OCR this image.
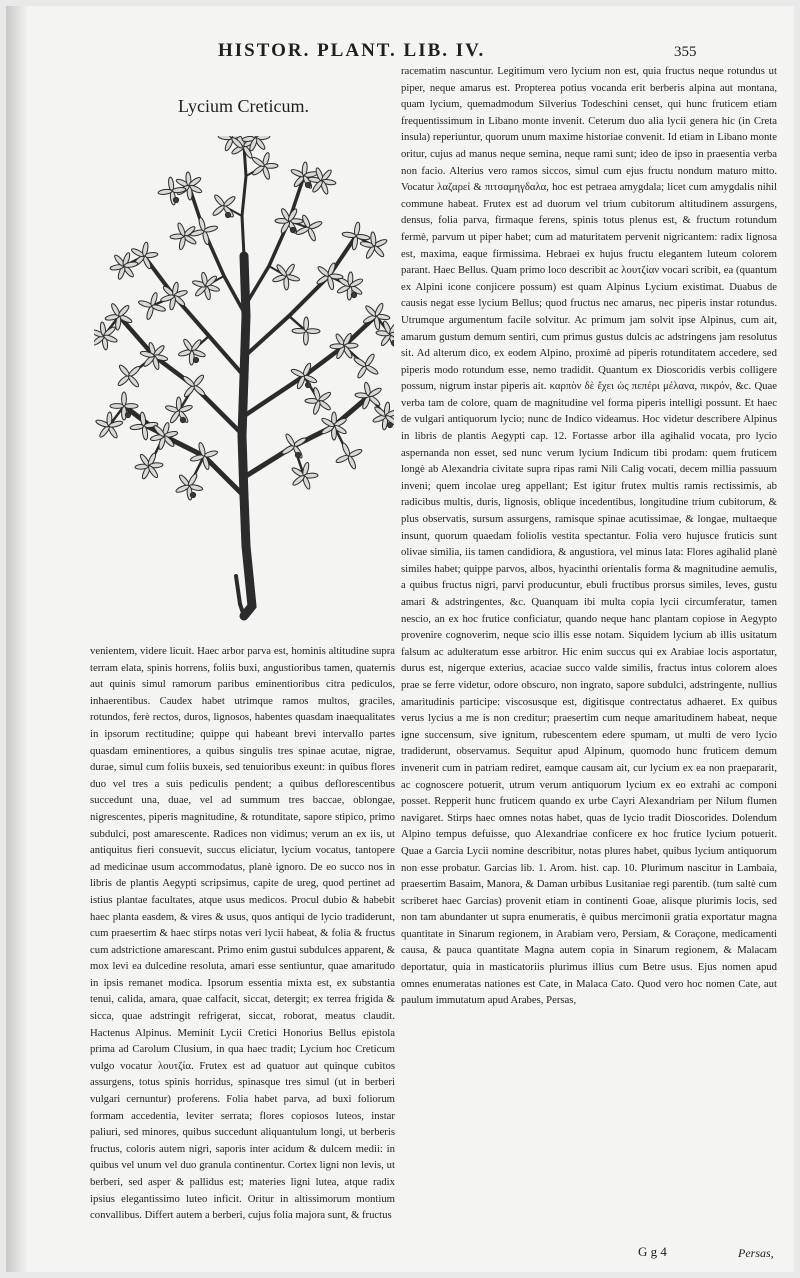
HISTOR. PLANT. LIB. IV.	355
Lycium Creticum.

racematim nascuntur. Legitimum vero lycium non est, quia fructus neque rotundus ut piper, neque amarus est. Propterea potius vocanda erit berberis alpina aut montana, quam lycium, quemadmodum Silverius Todeschini censet, qui hunc fruticem etiam frequentissimum in Libano monte invenit. Ceterum duo alia lycii genera hic (in Creta insula) reperiuntur, quorum unum maxime historiae convenit. Id etiam in Libano monte oritur, cujus ad manus neque semina, neque rami sunt; ideo de ipso in praesentia verba non facio. Alterius vero ramos siccos, simul cum ejus fructu nondum maturo mitto. Vocatur λαζαρεί & πιτσαμηγδαλα, hoc est petraea amygdala; licet cum amygdalis nihil commune habeat. Frutex est ad duorum vel trium cubitorum altitudinem assurgens, densus, folia parva, firmaque ferens, spinis totus plenus est, & fructum rotundum fermè, parvum ut piper habet; cum ad maturitatem pervenit nigricantem: radix lignosa est, maxima, eaque firmissima. Hebraei ex hujus fructu elegantem luteum colorem parant. Haec Bellus. Quam primo loco describit ac λουτζίαν vocari scribit, ea (quantum ex Alpini icone conjicere possum) est quam Alpinus Lycium existimat. Duabus de causis negat esse lycium Bellus; quod fructus nec amarus, nec piperis instar rotundus. Utrumque argumentum facile solvitur. Ac primum jam solvit ipse Alpinus, cum ait, amarum gustum demum sentiri, cum primus gustus dulcis ac adstringens jam resolutus sit. Ad alterum dico, ex eodem Alpino, proximè ad piperis rotunditatem accedere, sed piperis modo rotundum esse, nemo tradidit. Quantum ex Dioscoridis verbis colligere possum, nigrum instar piperis ait. καρπὸν δὲ ἔχει ὡς πεπέρι μέλανα, πικρόν, &c. Quae verba tam de colore, quam de magnitudine vel forma piperis intelligi possunt. Et haec de vulgari antiquorum lycio; nunc de Indico videamus. Hoc videtur describere Alpinus in libris de plantis Aegypti cap. 12. Fortasse arbor illa agihalid vocata, pro lycio aspernanda non esset, sed nunc verum lycium Indicum tibi prodam: quem fruticem longè ab Alexandria civitate supra ripas rami Nili Calig vocati, decem millia passuum inveni; quem incolae ureg appellant; Est igitur frutex multis ramis rectissimis, ab radicibus multis, duris, lignosis, oblique incedentibus, longitudine trium cubitorum, & plus observatis, sursum assurgens, ramisque spinae acutissimae, & longae, multaeque insunt, quorum quaedam foliolis vestita spectantur. Folia vero hujusce fruticis sunt olivae similia, iis tamen candidiora, & angustiora, vel minus lata: Flores agihalid planè similes habet; quippe parvos, albos, hyacinthi orientalis forma & magnitudine aemulis, a quibus fructus nigri, parvi producuntur, ebuli fructibus prorsus similes, leves, gustu amari & adstringentes, &c. Quanquam ibi multa copia lycii circumferatur, tamen nescio, an ex hoc frutice conficiatur, quando neque hanc plantam copiose in Aegypto provenire cognoverim, neque scio illis esse notam. Siquidem lycium ab illis usitatum falsum ac adulteratum esse arbitror. Hic enim succus qui ex Arabiae locis asportatur, durus est, nigerque exterius, acaciae succo valde similis, fractus intus colorem aloes prae se ferre videtur, odore obscuro, non ingrato, sapore subdulci, adstringente, nullius amaritudinis participe: viscosusque est, digitisque contrectatus adhaeret. Ex quibus verus lycius a me is non creditur; praesertim cum neque amaritudinem habeat, neque igne succensum, sive ignitum, rubescentem edere spumam, ut multi de vero lycio tradiderunt, observamus. Sequitur apud Alpinum, quomodo hunc fruticem demum invenerit cum in patriam rediret, eamque causam ait, cur lycium ex ea non praepararit, ac cognoscere potuerit, utrum verum antiquorum lycium ex eo extrahi ac componi posset. Repperit hunc fruticem quando ex urbe Cayri Alexandriam per Nilum flumen navigaret. Stirps haec omnes notas habet, quas de lycio tradit Dioscorides. Dolendum Alpino tempus defuisse, quo Alexandriae conficere ex hoc frutice lycium potuerit. Quae a Garcia Lycii nomine describitur, notas plures habet, quibus lycium antiquorum non esse probatur. Garcias lib. 1. Arom. hist. cap. 10. Plurimum nascitur in Lambaia, praesertim Basaim, Manora, & Daman urbibus Lusitaniae regi parentib. (tum saltè cum scriberet haec Garcias) provenit etiam in continenti Goae, alisque plurimis locis, sed non tam abundanter ut supra enumeratis, è quibus mercimonii gratia exportatur magna quantitate in Sinarum regionem, in Arabiam vero, Persiam, & Coraçone, medicamenti causa, & pauca quantitate Magna autem copia in Sinarum regionem, & Malacam deportatur, quia in masticatoriis plurimus illius cum Betre usus. Ejus nomen apud omnes enumeratas nationes est Cate, in Malaca Cato. Quod vero hoc nomen Cate, aut paulum immutatum apud Arabes, Persas,

venientem, videre licuit. Haec arbor parva est, hominis altitudine supra terram elata, spinis horrens, foliis buxi, angustioribus tamen, quaternis aut quinis simul ramorum paribus eminentioribus citra pediculos, inhaerentibus. Caudex habet utrimque ramos multos, graciles, rotundos, ferè rectos, duros, lignosos, habentes quasdam inaequalitates in ipsorum rectitudine; quippe qui habeant brevi intervallo partes quasdam eminentiores, a quibus singulis tres spinae acutae, nigrae, durae, simul cum foliis buxeis, sed tenuioribus exeunt: in quibus flores duo vel tres a suis pediculis pendent; a quibus deflorescentibus succedunt una, duae, vel ad summum tres baccae, oblongae, nigrescentes, piperis magnitudine, & rotunditate, sapore stipico, primo subdulci, post amarescente. Radices non vidimus; verum an ex iis, ut antiquitus fieri consuevit, succus eliciatur, lycium vocatus, tantopere ad medicinae usum accommodatus, planè ignoro. De eo succo nos in libris de plantis Aegypti scripsimus, capite de ureg, quod pertinet ad istius plantae facultates, atque usus medicos. Procul dubio & habebit haec planta easdem, & vires & usus, quos antiqui de lycio tradiderunt, cum praesertim & haec stirps notas veri lycii habeat, & folia & fructus cum adstrictione amarescant. Primo enim gustui subdulces apparent, & mox levi ea dulcedine resoluta, amari esse sentiuntur, quae amaritudo in ipsis remanet modica. Ipsorum essentia mixta est, ex substantia tenui, calida, amara, quae calfacit, siccat, detergit; ex terrea frigida & sicca, quae adstringit refrigerat, siccat, roborat, meatus claudit. Hactenus Alpinus. Meminit Lycii Cretici Honorius Bellus epistola prima ad Carolum Clusium, in qua haec tradit; Lycium hoc Creticum vulgo vocatur λουτζία. Frutex est ad quatuor aut quinque cubitos assurgens, totus spinis horridus, spinasque tres simul (ut in berberi vulgari cernuntur) proferens. Folia habet parva, ad buxi foliorum formam accedentia, leviter serrata; flores copiosos luteos, instar paliuri, sed minores, quibus succedunt aliquantulum longi, ut berberis fructus, coloris autem nigri, saporis inter acidum & dulcem medii: in quibus vel unum vel duo granula continentur. Cortex ligni non levis, ut berberi, sed asper & pallidus est; materies ligni lutea, atque radix ipsius elegantissimo luteo inficit. Oritur in altissimorum montium convallibus. Differt autem a berberi, cujus folia majora sunt, & fructus

G g 4	Persas,
